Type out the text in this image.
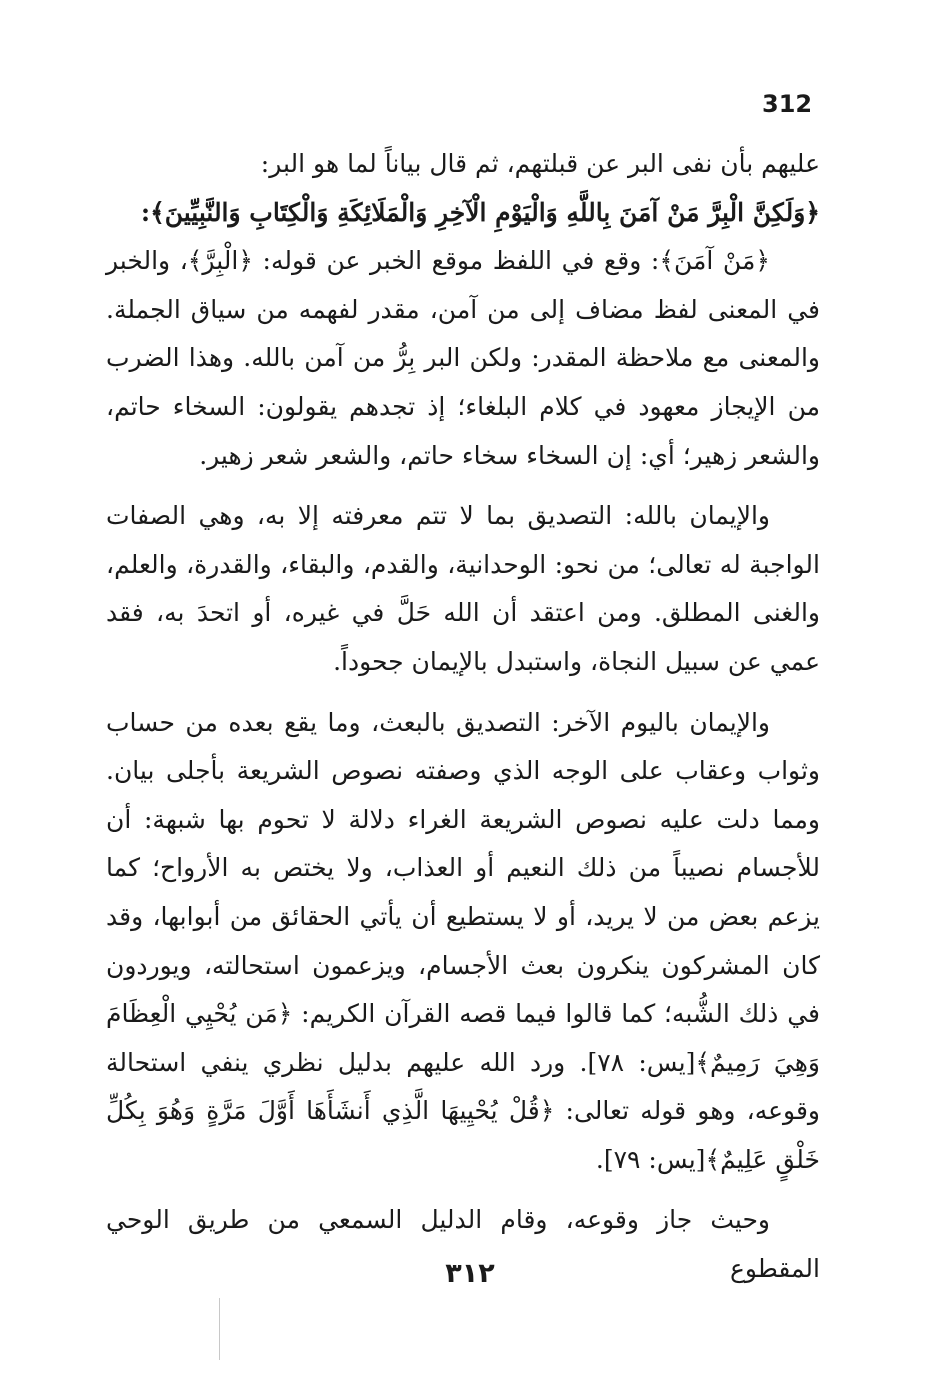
312

عليهم بأن نفى البر عن قبلتهم، ثم قال بياناً لما هو البر:

﴿وَلَكِنَّ الْبِرَّ مَنْ آمَنَ بِاللَّهِ وَالْيَوْمِ الْآخِرِ وَالْمَلَائِكَةِ وَالْكِتَابِ وَالنَّبِيِّينَ﴾:

﴿مَنْ آمَنَ﴾: وقع في اللفظ موقع الخبر عن قوله: ﴿الْبِرَّ﴾، والخبر في المعنى لفظ مضاف إلى من آمن، مقدر لفهمه من سياق الجملة. والمعنى مع ملاحظة المقدر: ولكن البر بِرُّ من آمن بالله. وهذا الضرب من الإيجاز معهود في كلام البلغاء؛ إذ تجدهم يقولون: السخاء حاتم، والشعر زهير؛ أي: إن السخاء سخاء حاتم، والشعر شعر زهير.

والإيمان بالله: التصديق بما لا تتم معرفته إلا به، وهي الصفات الواجبة له تعالى؛ من نحو: الوحدانية، والقدم، والبقاء، والقدرة، والعلم، والغنى المطلق. ومن اعتقد أن الله حَلَّ في غيره، أو اتحدَ به، فقد عمي عن سبيل النجاة، واستبدل بالإيمان جحوداً.

والإيمان باليوم الآخر: التصديق بالبعث، وما يقع بعده من حساب وثواب وعقاب على الوجه الذي وصفته نصوص الشريعة بأجلى بيان. ومما دلت عليه نصوص الشريعة الغراء دلالة لا تحوم بها شبهة: أن للأجسام نصيباً من ذلك النعيم أو العذاب، ولا يختص به الأرواح؛ كما يزعم بعض من لا يريد، أو لا يستطيع أن يأتي الحقائق من أبوابها، وقد كان المشركون ينكرون بعث الأجسام، ويزعمون استحالته، ويوردون في ذلك الشُّبه؛ كما قالوا فيما قصه القرآن الكريم: ﴿مَن يُحْيِي الْعِظَامَ وَهِيَ رَمِيمٌ﴾[يس: ٧٨]. ورد الله عليهم بدليل نظري ينفي استحالة وقوعه، وهو قوله تعالى: ﴿قُلْ يُحْيِيهَا الَّذِي أَنشَأَهَا أَوَّلَ مَرَّةٍ وَهُوَ بِكُلِّ خَلْقٍ عَلِيمٌ﴾[يس: ٧٩].

وحيث جاز وقوعه، وقام الدليل السمعي من طريق الوحي المقطوع

٣١٢
